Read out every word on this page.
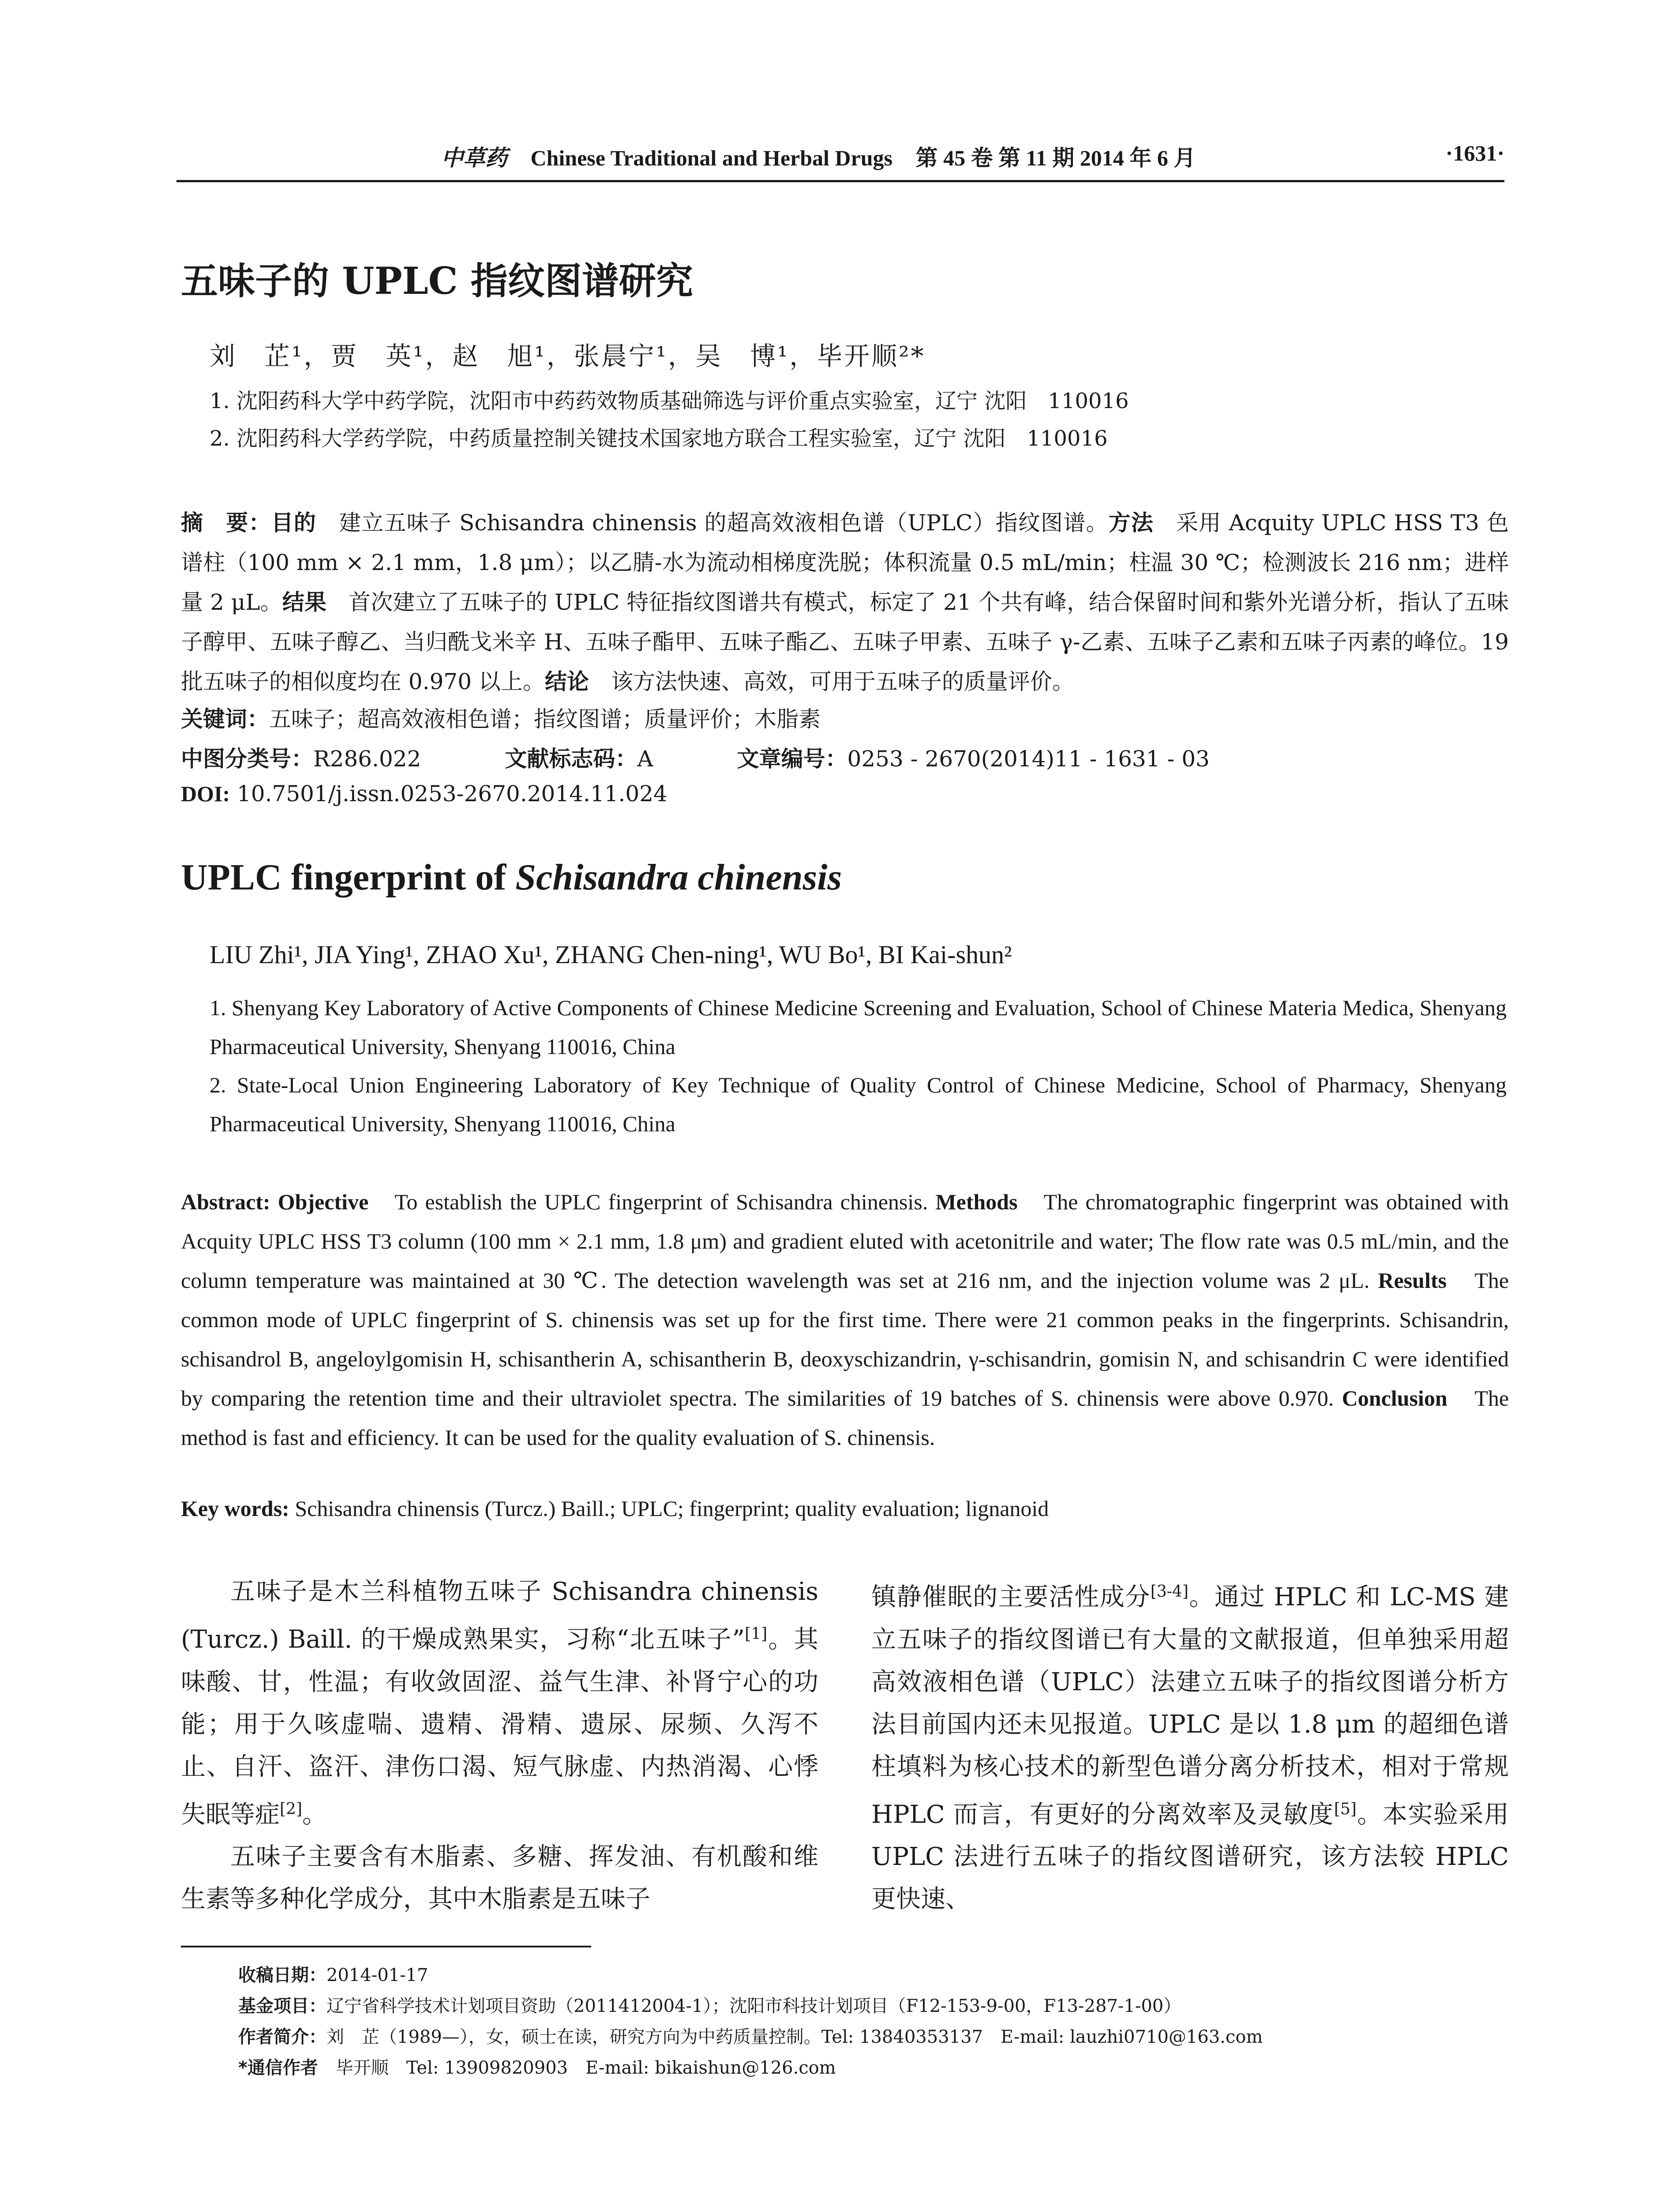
中草药 Chinese Traditional and Herbal Drugs 第 45 卷 第 11 期 2014 年 6 月	·1631·
五味子的 UPLC 指纹图谱研究
刘　芷¹，贾　英¹，赵　旭¹，张晨宁¹，吴　博¹，毕开顺²*
1. 沈阳药科大学中药学院，沈阳市中药药效物质基础筛选与评价重点实验室，辽宁 沈阳　110016
2. 沈阳药科大学药学院，中药质量控制关键技术国家地方联合工程实验室，辽宁 沈阳　110016
摘　要：目的　 建立五味子 Schisandra chinensis 的超高效液相色谱（UPLC）指纹图谱。方法　 采用 Acquity UPLC HSS T3 色谱柱（100 mm × 2.1 mm，1.8 μm）；以乙腈-水为流动相梯度洗脱；体积流量 0.5 mL/min；柱温 30 ℃；检测波长 216 nm；进样量 2 μL。结果　 首次建立了五味子的 UPLC 特征指纹图谱共有模式，标定了 21 个共有峰，结合保留时间和紫外光谱分析，指认了五味子醇甲、五味子醇乙、当归酰戈米辛 H、五味子酯甲、五味子酯乙、五味子甲素、五味子 γ-乙素、五味子乙素和五味子丙素的峰位。19 批五味子的相似度均在 0.970 以上。结论　 该方法快速、高效，可用于五味子的质量评价。
关键词：五味子；超高效液相色谱；指纹图谱；质量评价；木脂素
中图分类号：R286.022	文献标志码：A	文章编号：0253 - 2670(2014)11 - 1631 - 03
DOI: 10.7501/j.issn.0253-2670.2014.11.024
UPLC fingerprint of Schisandra chinensis
LIU Zhi¹, JIA Ying¹, ZHAO Xu¹, ZHANG Chen-ning¹, WU Bo¹, BI Kai-shun²
1. Shenyang Key Laboratory of Active Components of Chinese Medicine Screening and Evaluation, School of Chinese Materia Medica, Shenyang Pharmaceutical University, Shenyang 110016, China
2. State-Local Union Engineering Laboratory of Key Technique of Quality Control of Chinese Medicine, School of Pharmacy, Shenyang Pharmaceutical University, Shenyang 110016, China
Abstract: Objective　 To establish the UPLC fingerprint of Schisandra chinensis. Methods　 The chromatographic fingerprint was obtained with Acquity UPLC HSS T3 column (100 mm × 2.1 mm, 1.8 μm) and gradient eluted with acetonitrile and water; The flow rate was 0.5 mL/min, and the column temperature was maintained at 30 ℃. The detection wavelength was set at 216 nm, and the injection volume was 2 μL. Results　 The common mode of UPLC fingerprint of S. chinensis was set up for the first time. There were 21 common peaks in the fingerprints. Schisandrin, schisandrol B, angeloylgomisin H, schisantherin A, schisantherin B, deoxyschizandrin, γ-schisandrin, gomisin N, and schisandrin C were identified by comparing the retention time and their ultraviolet spectra. The similarities of 19 batches of S. chinensis were above 0.970. Conclusion　 The method is fast and efficiency. It can be used for the quality evaluation of S. chinensis.
Key words: Schisandra chinensis (Turcz.) Baill.; UPLC; fingerprint; quality evaluation; lignanoid

五味子是木兰科植物五味子 Schisandra chinensis (Turcz.) Baill. 的干燥成熟果实，习称“北五味子”[1]。其味酸、甘，性温；有收敛固涩、益气生津、补肾宁心的功能；用于久咳虚喘、遗精、滑精、遗尿、尿频、久泻不止、自汗、盗汗、津伤口渴、短气脉虚、内热消渴、心悸失眠等症[2]。

五味子主要含有木脂素、多糖、挥发油、有机酸和维生素等多种化学成分，其中木脂素是五味子

镇静催眠的主要活性成分[3-4]。通过 HPLC 和 LC-MS 建立五味子的指纹图谱已有大量的文献报道，但单独采用超高效液相色谱（UPLC）法建立五味子的指纹图谱分析方法目前国内还未见报道。UPLC 是以 1.8 μm 的超细色谱柱填料为核心技术的新型色谱分离分析技术，相对于常规 HPLC 而言，有更好的分离效率及灵敏度[5]。本实验采用 UPLC 法进行五味子的指纹图谱研究，该方法较 HPLC 更快速、

收稿日期：2014-01-17
基金项目：辽宁省科学技术计划项目资助（2011412004-1）；沈阳市科技计划项目（F12-153-9-00，F13-287-1-00）
作者简介：刘　芷（1989—），女，硕士在读，研究方向为中药质量控制。Tel: 13840353137　E-mail: lauzhi0710@163.com
*通信作者　 毕开顺　Tel: 13909820903　E-mail: bikaishun@126.com
